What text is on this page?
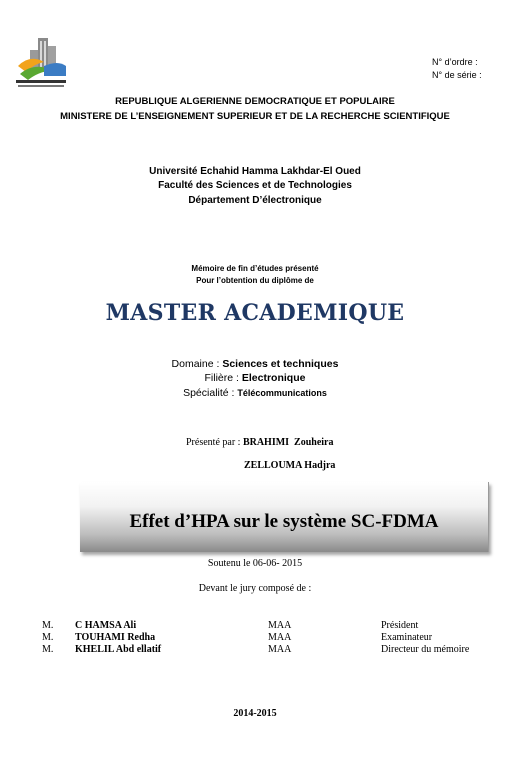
N° d’ordre :
N° de série :
REPUBLIQUE ALGERIENNE DEMOCRATIQUE ET POPULAIRE
MINISTERE DE L’ENSEIGNEMENT SUPERIEUR ET DE LA RECHERCHE SCIENTIFIQUE
Université Echahid Hamma Lakhdar-El Oued
Faculté des Sciences et de Technologies
Département D’électronique
Mémoire de fin d’études présenté
Pour l’obtention du diplôme de
MASTER ACADEMIQUE
Domaine : Sciences et techniques
Filière : Electronique
Spécialité : Télécommunications
Présenté par : BRAHIMI  Zouheira
ZELLOUMA Hadjra
Effet d’HPA sur le système SC-FDMA
Soutenu le 06-06- 2015
Devant le jury composé de :
M. C HAMSA Ali	MAA	Président
M. TOUHAMI Redha	MAA	Examinateur
M. KHELIL Abd ellatif	MAA	Directeur du mémoire
2014-2015
